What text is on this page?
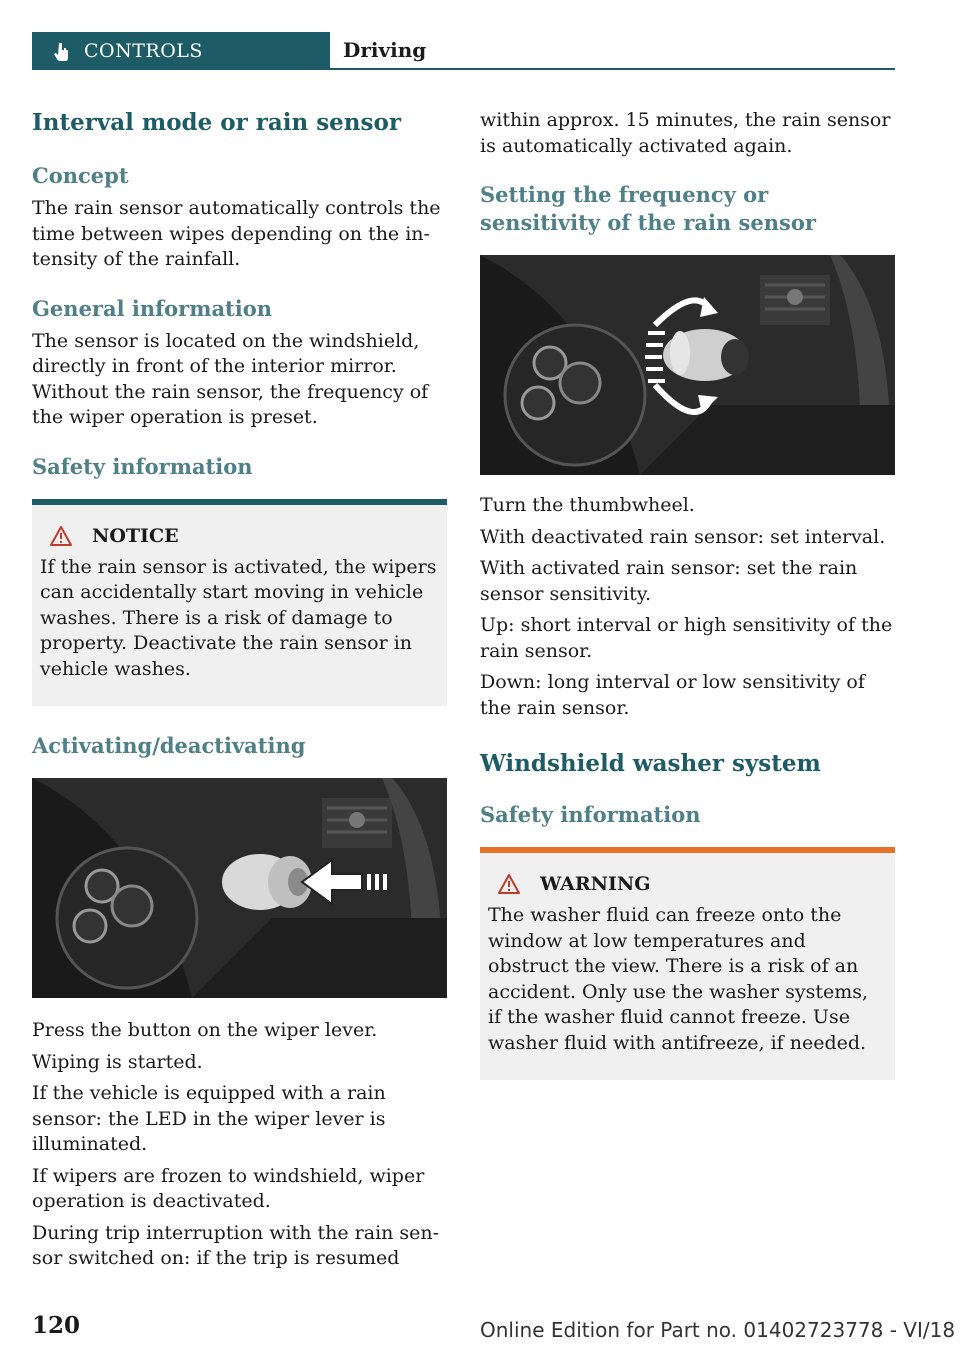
CONTROLS	Driving
Interval mode or rain sensor
Concept

The rain sensor automatically controls the time between wipes depending on the intensity of the rainfall.

General information

The sensor is located on the windshield, directly in front of the interior mirror. Without the rain sensor, the frequency of the wiper operation is preset.

Safety information
NOTICE

If the rain sensor is activated, the wipers can accidentally start moving in vehicle washes. There is a risk of damage to property. Deactivate the rain sensor in vehicle washes.

Activating/deactivating

Press the button on the wiper lever.

Wiping is started.

If the vehicle is equipped with a rain sensor: the LED in the wiper lever is illuminated.

If wipers are frozen to windshield, wiper operation is deactivated.

During trip interruption with the rain sensor switched on: if the trip is resumed

within approx. 15 minutes, the rain sensor is automatically activated again.

Setting the frequency or sensitivity of the rain sensor

Turn the thumbwheel.

With deactivated rain sensor: set interval.

With activated rain sensor: set the rain sensor sensitivity.

Up: short interval or high sensitivity of the rain sensor.

Down: long interval or low sensitivity of the rain sensor.

Windshield washer system
Safety information
WARNING

The washer fluid can freeze onto the window at low temperatures and obstruct the view. There is a risk of an accident. Only use the washer systems, if the washer fluid cannot freeze. Use washer fluid with antifreeze, if needed.

120	Online Edition for Part no. 01402723778 - VI/18
